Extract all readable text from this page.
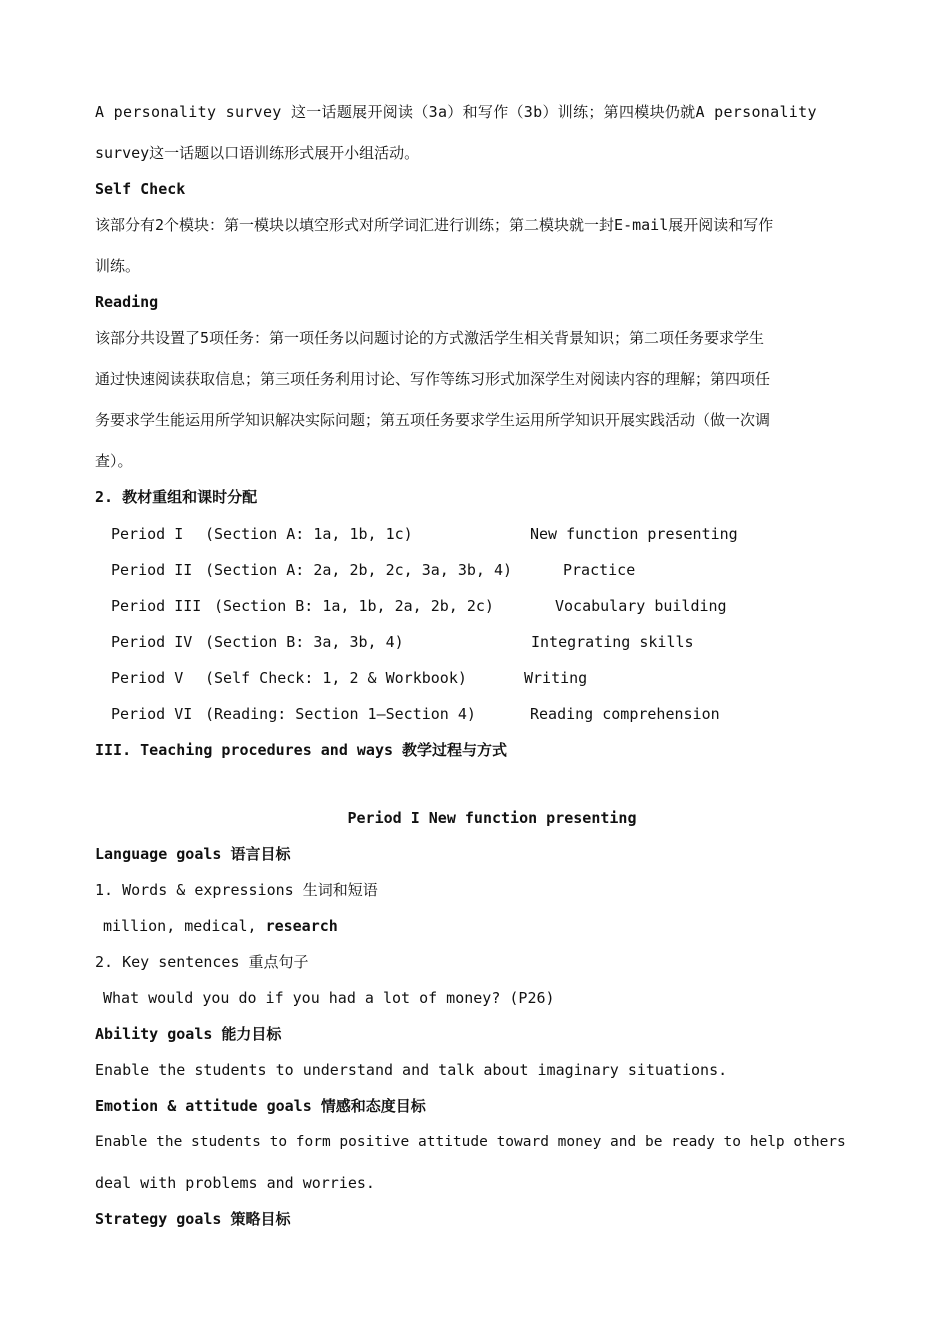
A personality survey 这一话题展开阅读（3a）和写作（3b）训练；第四模块仍就A personality
survey这一话题以口语训练形式展开小组活动。
Self Check
该部分有2个模块：第一模块以填空形式对所学词汇进行训练；第二模块就一封E-mail展开阅读和写作
训练。
Reading
该部分共设置了5项任务：第一项任务以问题讨论的方式激活学生相关背景知识；第二项任务要求学生
通过快速阅读获取信息；第三项任务利用讨论、写作等练习形式加深学生对阅读内容的理解；第四项任
务要求学生能运用所学知识解决实际问题；第五项任务要求学生运用所学知识开展实践活动（做一次调
查）。
2. 教材重组和课时分配
Period I (Section A: 1a, 1b, 1c)	New function presenting
Period II (Section A: 2a, 2b, 2c, 3a, 3b, 4)	Practice
Period III (Section B: 1a, 1b, 2a, 2b, 2c)	Vocabulary building
Period IV (Section B: 3a, 3b, 4)	Integrating skills
Period V (Self Check: 1, 2 & Workbook)	Writing
Period VI (Reading: Section 1—Section 4)	Reading comprehension
III. Teaching procedures and ways 教学过程与方式
Period I New function presenting
Language goals 语言目标
1. Words & expressions 生词和短语
million, medical, research
2. Key sentences 重点句子
What would you do if you had a lot of money? (P26)
Ability goals 能力目标
Enable the students to understand and talk about imaginary situations.
Emotion & attitude goals 情感和态度目标
Enable the students to form positive attitude toward money and be ready to help others
deal with problems and worries.
Strategy goals 策略目标
